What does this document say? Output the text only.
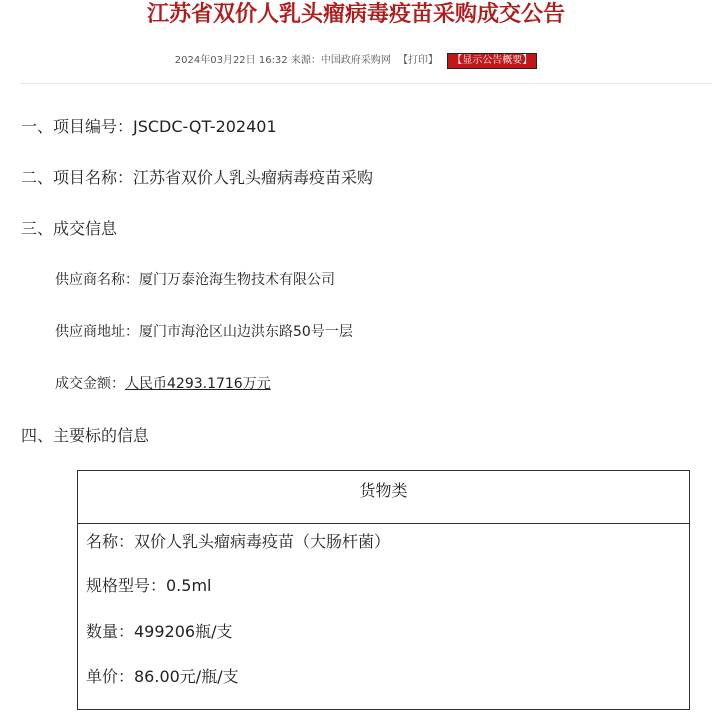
江苏省双价人乳头瘤病毒疫苗采购成交公告
2024年03月22日 16:32 来源：中国政府采购网 【打印】 【显示公告概要】
一、项目编号：JSCDC-QT-202401
二、项目名称：江苏省双价人乳头瘤病毒疫苗采购
三、成交信息
供应商名称：厦门万泰沧海生物技术有限公司
供应商地址：厦门市海沧区山边洪东路50号一层
成交金额：人民币4293.1716万元
四、主要标的信息
货物类
名称：双价人乳头瘤病毒疫苗（大肠杆菌）
规格型号：0.5ml
数量：499206瓶/支
单价：86.00元/瓶/支
